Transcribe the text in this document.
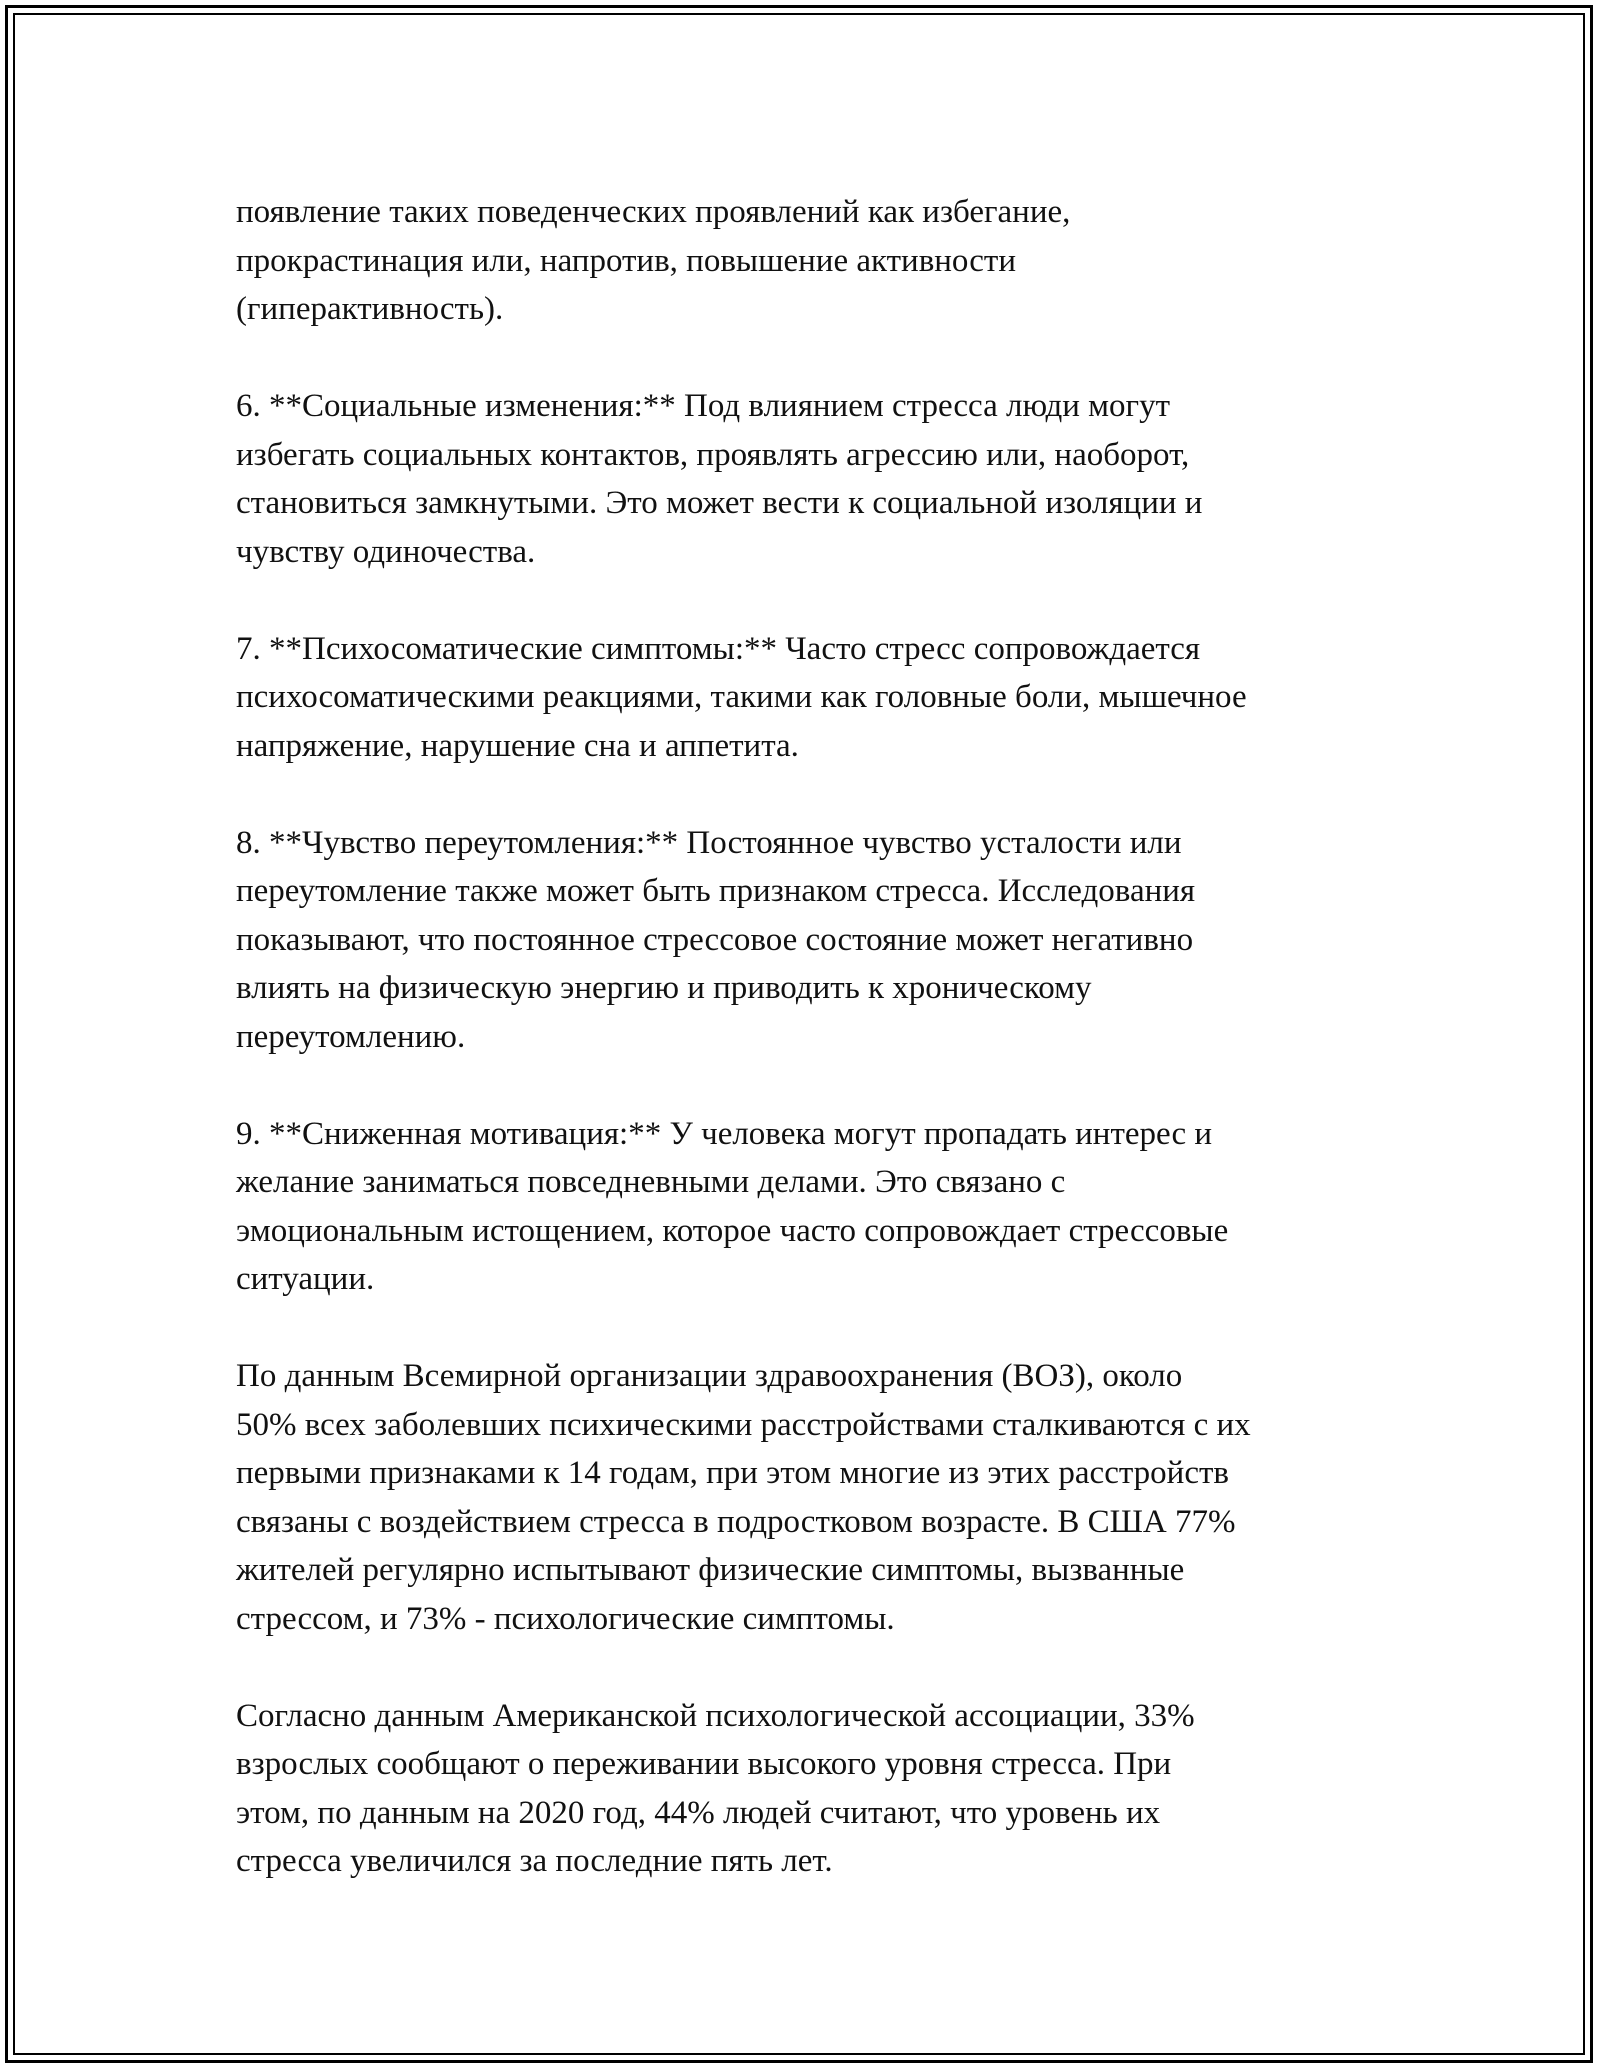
появление таких поведенческих проявлений как избегание,
прокрастинация или, напротив, повышение активности
(гиперактивность).

6. **Социальные изменения:** Под влиянием стресса люди могут
избегать социальных контактов, проявлять агрессию или, наоборот,
становиться замкнутыми. Это может вести к социальной изоляции и
чувству одиночества.

7. **Психосоматические симптомы:** Часто стресс сопровождается
психосоматическими реакциями, такими как головные боли, мышечное
напряжение, нарушение сна и аппетита.

8. **Чувство переутомления:** Постоянное чувство усталости или
переутомление также может быть признаком стресса. Исследования
показывают, что постоянное стрессовое состояние может негативно
влиять на физическую энергию и приводить к хроническому
переутомлению.

9. **Сниженная мотивация:** У человека могут пропадать интерес и
желание заниматься повседневными делами. Это связано с
эмоциональным истощением, которое часто сопровождает стрессовые
ситуации.

По данным Всемирной организации здравоохранения (ВОЗ), около
50% всех заболевших психическими расстройствами сталкиваются с их
первыми признаками к 14 годам, при этом многие из этих расстройств
связаны с воздействием стресса в подростковом возрасте. В США 77%
жителей регулярно испытывают физические симптомы, вызванные
стрессом, и 73% - психологические симптомы.

Согласно данным Американской психологической ассоциации, 33%
взрослых сообщают о переживании высокого уровня стресса. При
этом, по данным на 2020 год, 44% людей считают, что уровень их
стресса увеличился за последние пять лет.
